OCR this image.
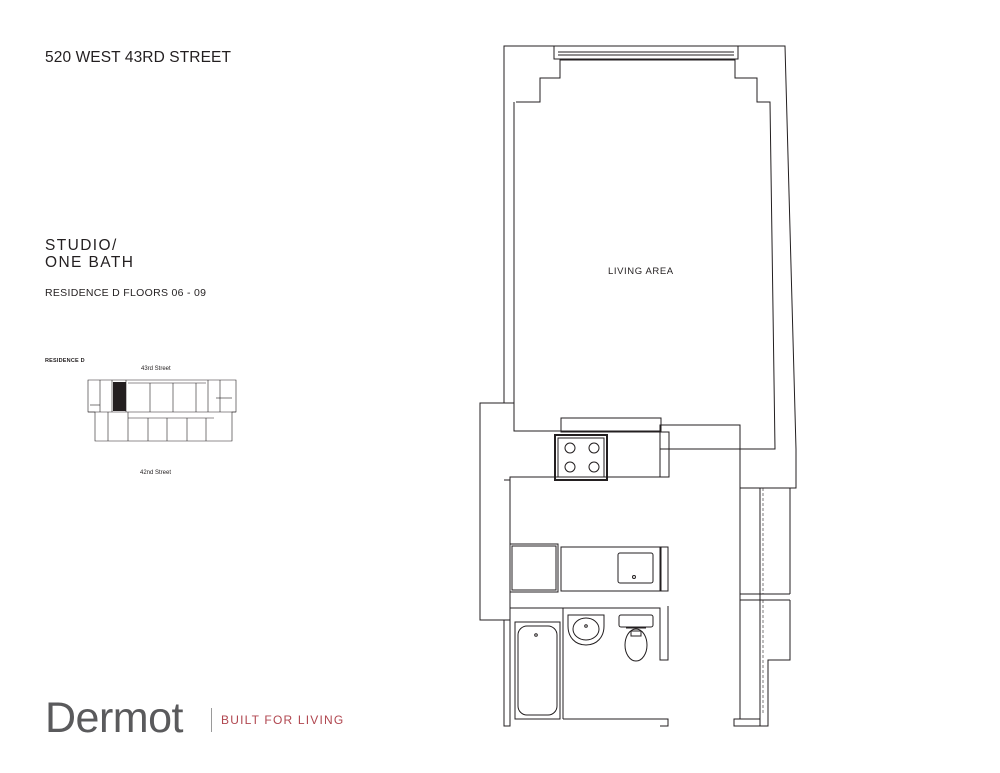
520 WEST 43RD STREET
STUDIO/
ONE BATH
RESIDENCE D FLOORS 06 - 09
RESIDENCE D
43rd Street
42nd Street
LIVING AREA
Dermot	BUILT FOR LIVING
